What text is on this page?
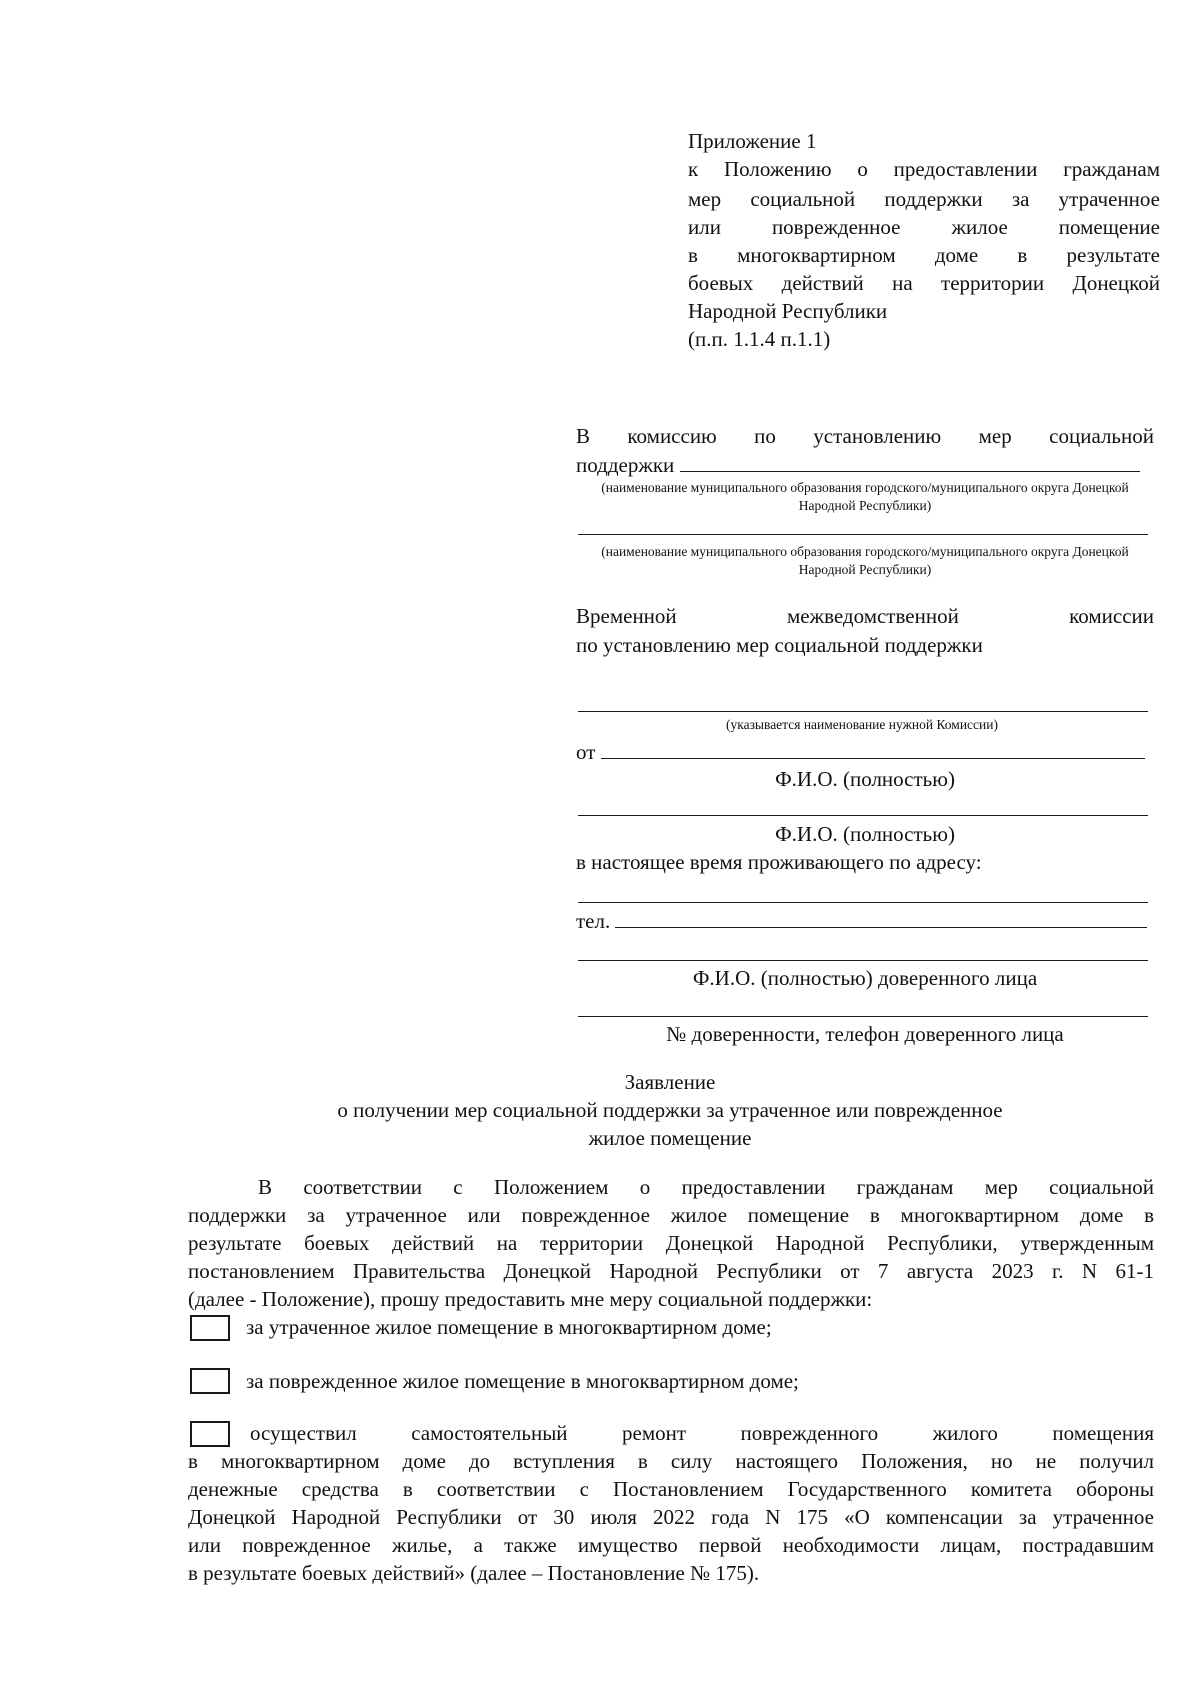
Приложение 1
к Положению о предоставлении гражданам
мер социальной поддержки за утраченное
или поврежденное жилое помещение
в многоквартирном доме в результате
боевых действий на территории Донецкой
Народной Республики
(п.п. 1.1.4 п.1.1)
В комиссию по установлению мер социальной
поддержки
(наименование муниципального образования городского/муниципального округа Донецкой Народной Республики)
(наименование муниципального образования городского/муниципального округа Донецкой Народной Республики)
Временной межведомственной комиссии
по установлению мер социальной поддержки
(указывается наименование нужной Комиссии)
от
Ф.И.О. (полностью)
Ф.И.О. (полностью)
в настоящее время проживающего по адресу:
тел.
Ф.И.О. (полностью) доверенного лица
№ доверенности, телефон доверенного лица
Заявление
о получении мер социальной поддержки за утраченное или поврежденное
жилое помещение
В соответствии с Положением о предоставлении гражданам мер социальной
поддержки за утраченное или поврежденное жилое помещение в многоквартирном доме в
результате боевых действий на территории Донецкой Народной Республики, утвержденным
постановлением Правительства Донецкой Народной Республики от 7 августа 2023 г. N 61-1
(далее - Положение), прошу предоставить мне меру социальной поддержки:
за утраченное жилое помещение в многоквартирном доме;
за поврежденное жилое помещение в многоквартирном доме;
осуществил самостоятельный ремонт поврежденного жилого помещения
в многоквартирном доме до вступления в силу настоящего Положения, но не получил
денежные средства в соответствии с Постановлением Государственного комитета обороны
Донецкой Народной Республики от 30 июля 2022 года N 175 «О компенсации за утраченное
или поврежденное жилье, а также имущество первой необходимости лицам, пострадавшим
в результате боевых действий» (далее – Постановление № 175).
